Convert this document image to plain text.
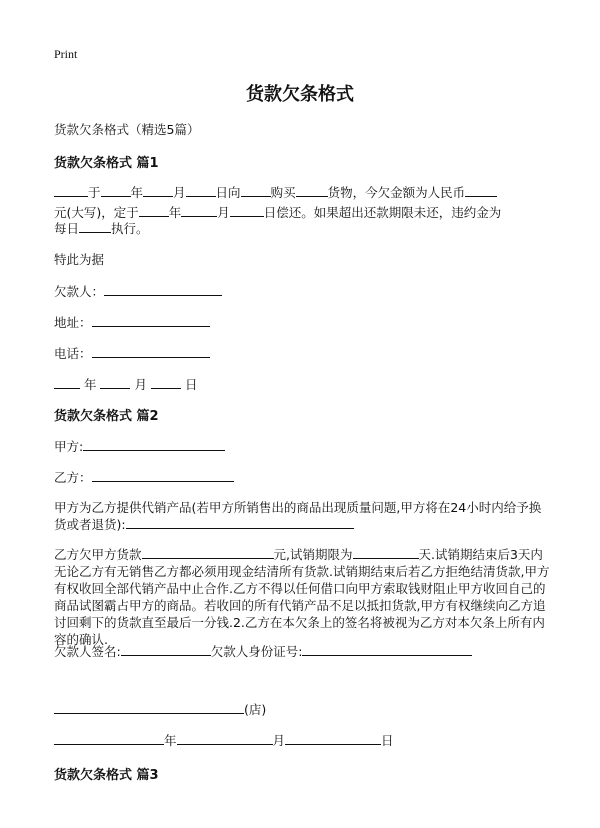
Print
货款欠条格式
货款欠条格式（精选5篇）
货款欠条格式 篇1
于 年 月 日向 购买	货物，今欠金额为人民币
元(大写)，定于 年	月	日偿还。如果超出还款期限未还，违约金为
每日	执行。
特此为据
欠款人：
地址：
电话：
年	月	日
货款欠条格式 篇2
甲方:
乙方：
甲方为乙方提供代销产品(若甲方所销售出的商品出现质量问题,甲方将在24小时内给予换货或者退货):
乙方欠甲方货款	元,试销期限为	天.试销期结束后3天内无论乙方有无销售乙方都必须用现金结清所有货款.试销期结束后若乙方拒绝结清货款,甲方有权收回全部代销产品中止合作.乙方不得以任何借口向甲方索取钱财阻止甲方收回自己的商品试图霸占甲方的商品。若收回的所有代销产品不足以抵扣货款,甲方有权继续向乙方追讨回剩下的货款直至最后一分钱.2.乙方在本欠条上的签名将被视为乙方对本欠条上所有内容的确认.
欠款人签名:	欠款人身份证号:
(店)
年	月	日
货款欠条格式 篇3
